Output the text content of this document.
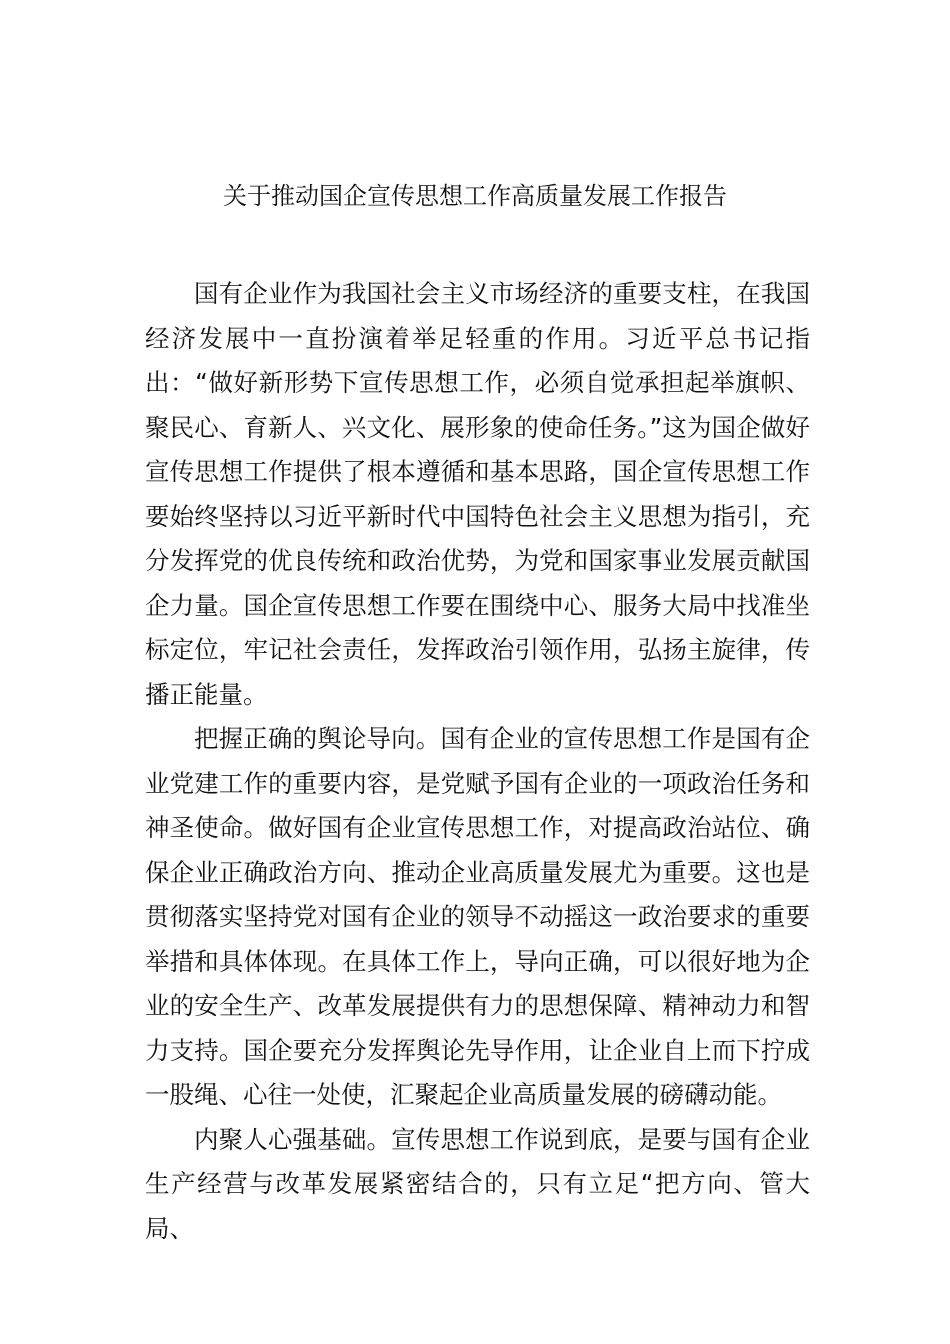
关于推动国企宣传思想工作高质量发展工作报告

国有企业作为我国社会主义市场经济的重要支柱，在我国经济发展中一直扮演着举足轻重的作用。习近平总书记指出：“做好新形势下宣传思想工作，必须自觉承担起举旗帜、聚民心、育新人、兴文化、展形象的使命任务。”这为国企做好宣传思想工作提供了根本遵循和基本思路，国企宣传思想工作要始终坚持以习近平新时代中国特色社会主义思想为指引，充分发挥党的优良传统和政治优势，为党和国家事业发展贡献国企力量。国企宣传思想工作要在围绕中心、服务大局中找准坐标定位，牢记社会责任，发挥政治引领作用，弘扬主旋律，传播正能量。

把握正确的舆论导向。国有企业的宣传思想工作是国有企业党建工作的重要内容，是党赋予国有企业的一项政治任务和神圣使命。做好国有企业宣传思想工作，对提高政治站位、确保企业正确政治方向、推动企业高质量发展尤为重要。这也是贯彻落实坚持党对国有企业的领导不动摇这一政治要求的重要举措和具体体现。在具体工作上，导向正确，可以很好地为企业的安全生产、改革发展提供有力的思想保障、精神动力和智力支持。国企要充分发挥舆论先导作用，让企业自上而下拧成一股绳、心往一处使，汇聚起企业高质量发展的磅礴动能。

内聚人心强基础。宣传思想工作说到底，是要与国有企业生产经营与改革发展紧密结合的，只有立足“把方向、管大局、
